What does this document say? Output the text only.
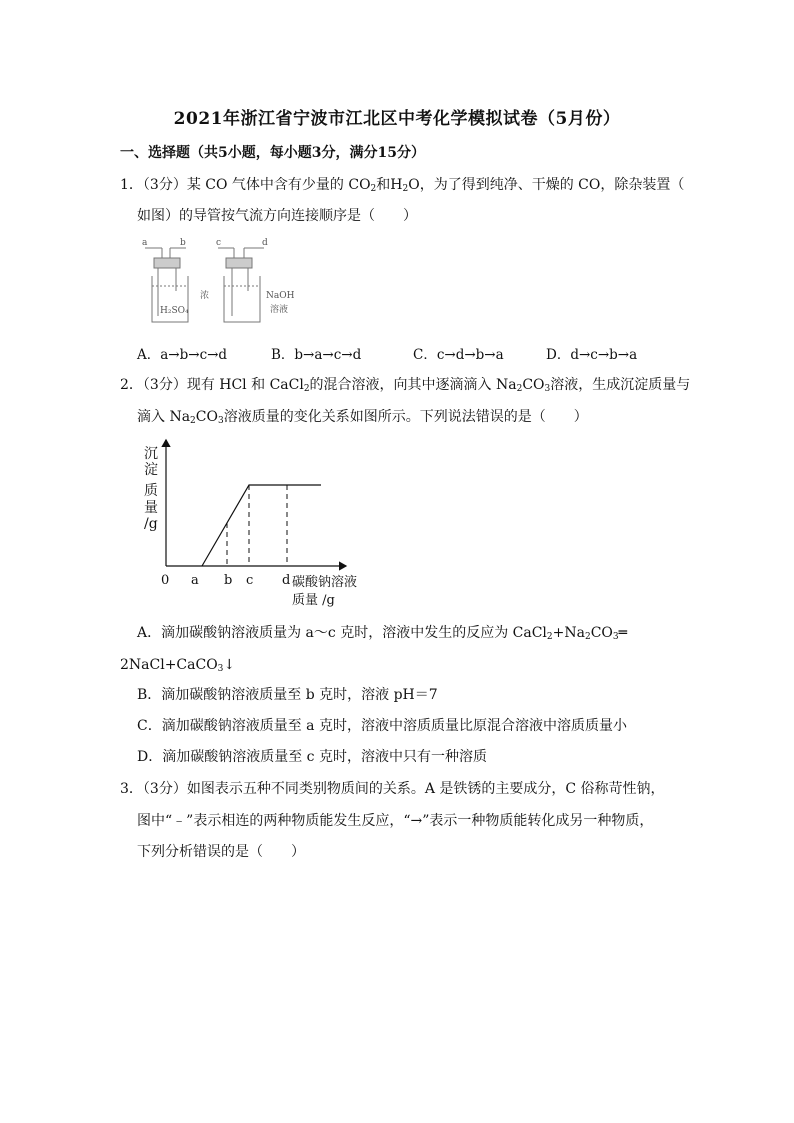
2021年浙江省宁波市江北区中考化学模拟试卷（5月份）
一、选择题（共5小题，每小题3分，满分15分）
1．（3分）某 CO 气体中含有少量的 $CO_2$和$H_2O$，为了得到纯净、干燥的 CO，除杂装置（
如图）的导管按气流方向连接顺序是（　　）
a	b	c	d
浓
H₂SO₄
NaOH
溶液
A．a→b→c→d	B．b→a→c→d	C．c→d→b→a	D．d→c→b→a
2．（3分）现有 HCl 和 CaCl$_2$的混合溶液，向其中逐滴滴入 $Na_2CO_3$溶液，生成沉淀质量与
滴入 $Na_2CO_3$溶液质量的变化关系如图所示。下列说法错误的是（　　）
沉
淀
质
量
/g
0 a b c d 碳酸钠溶液
质量 /g
A．滴加碳酸钠溶液质量为 a～c 克时，溶液中发生的反应为 $CaCl_2+Na_2CO_3═$
2NaCl+CaCO$_3$↓
B．滴加碳酸钠溶液质量至 b 克时，溶液 pH＝7
C．滴加碳酸钠溶液质量至 a 克时，溶液中溶质质量比原混合溶液中溶质质量小
D．滴加碳酸钠溶液质量至 c 克时，溶液中只有一种溶质
3．（3分）如图表示五种不同类别物质间的关系。A 是铁锈的主要成分，C 俗称苛性钠，
图中“﹣”表示相连的两种物质能发生反应，“→”表示一种物质能转化成另一种物质，
下列分析错误的是（　　）
